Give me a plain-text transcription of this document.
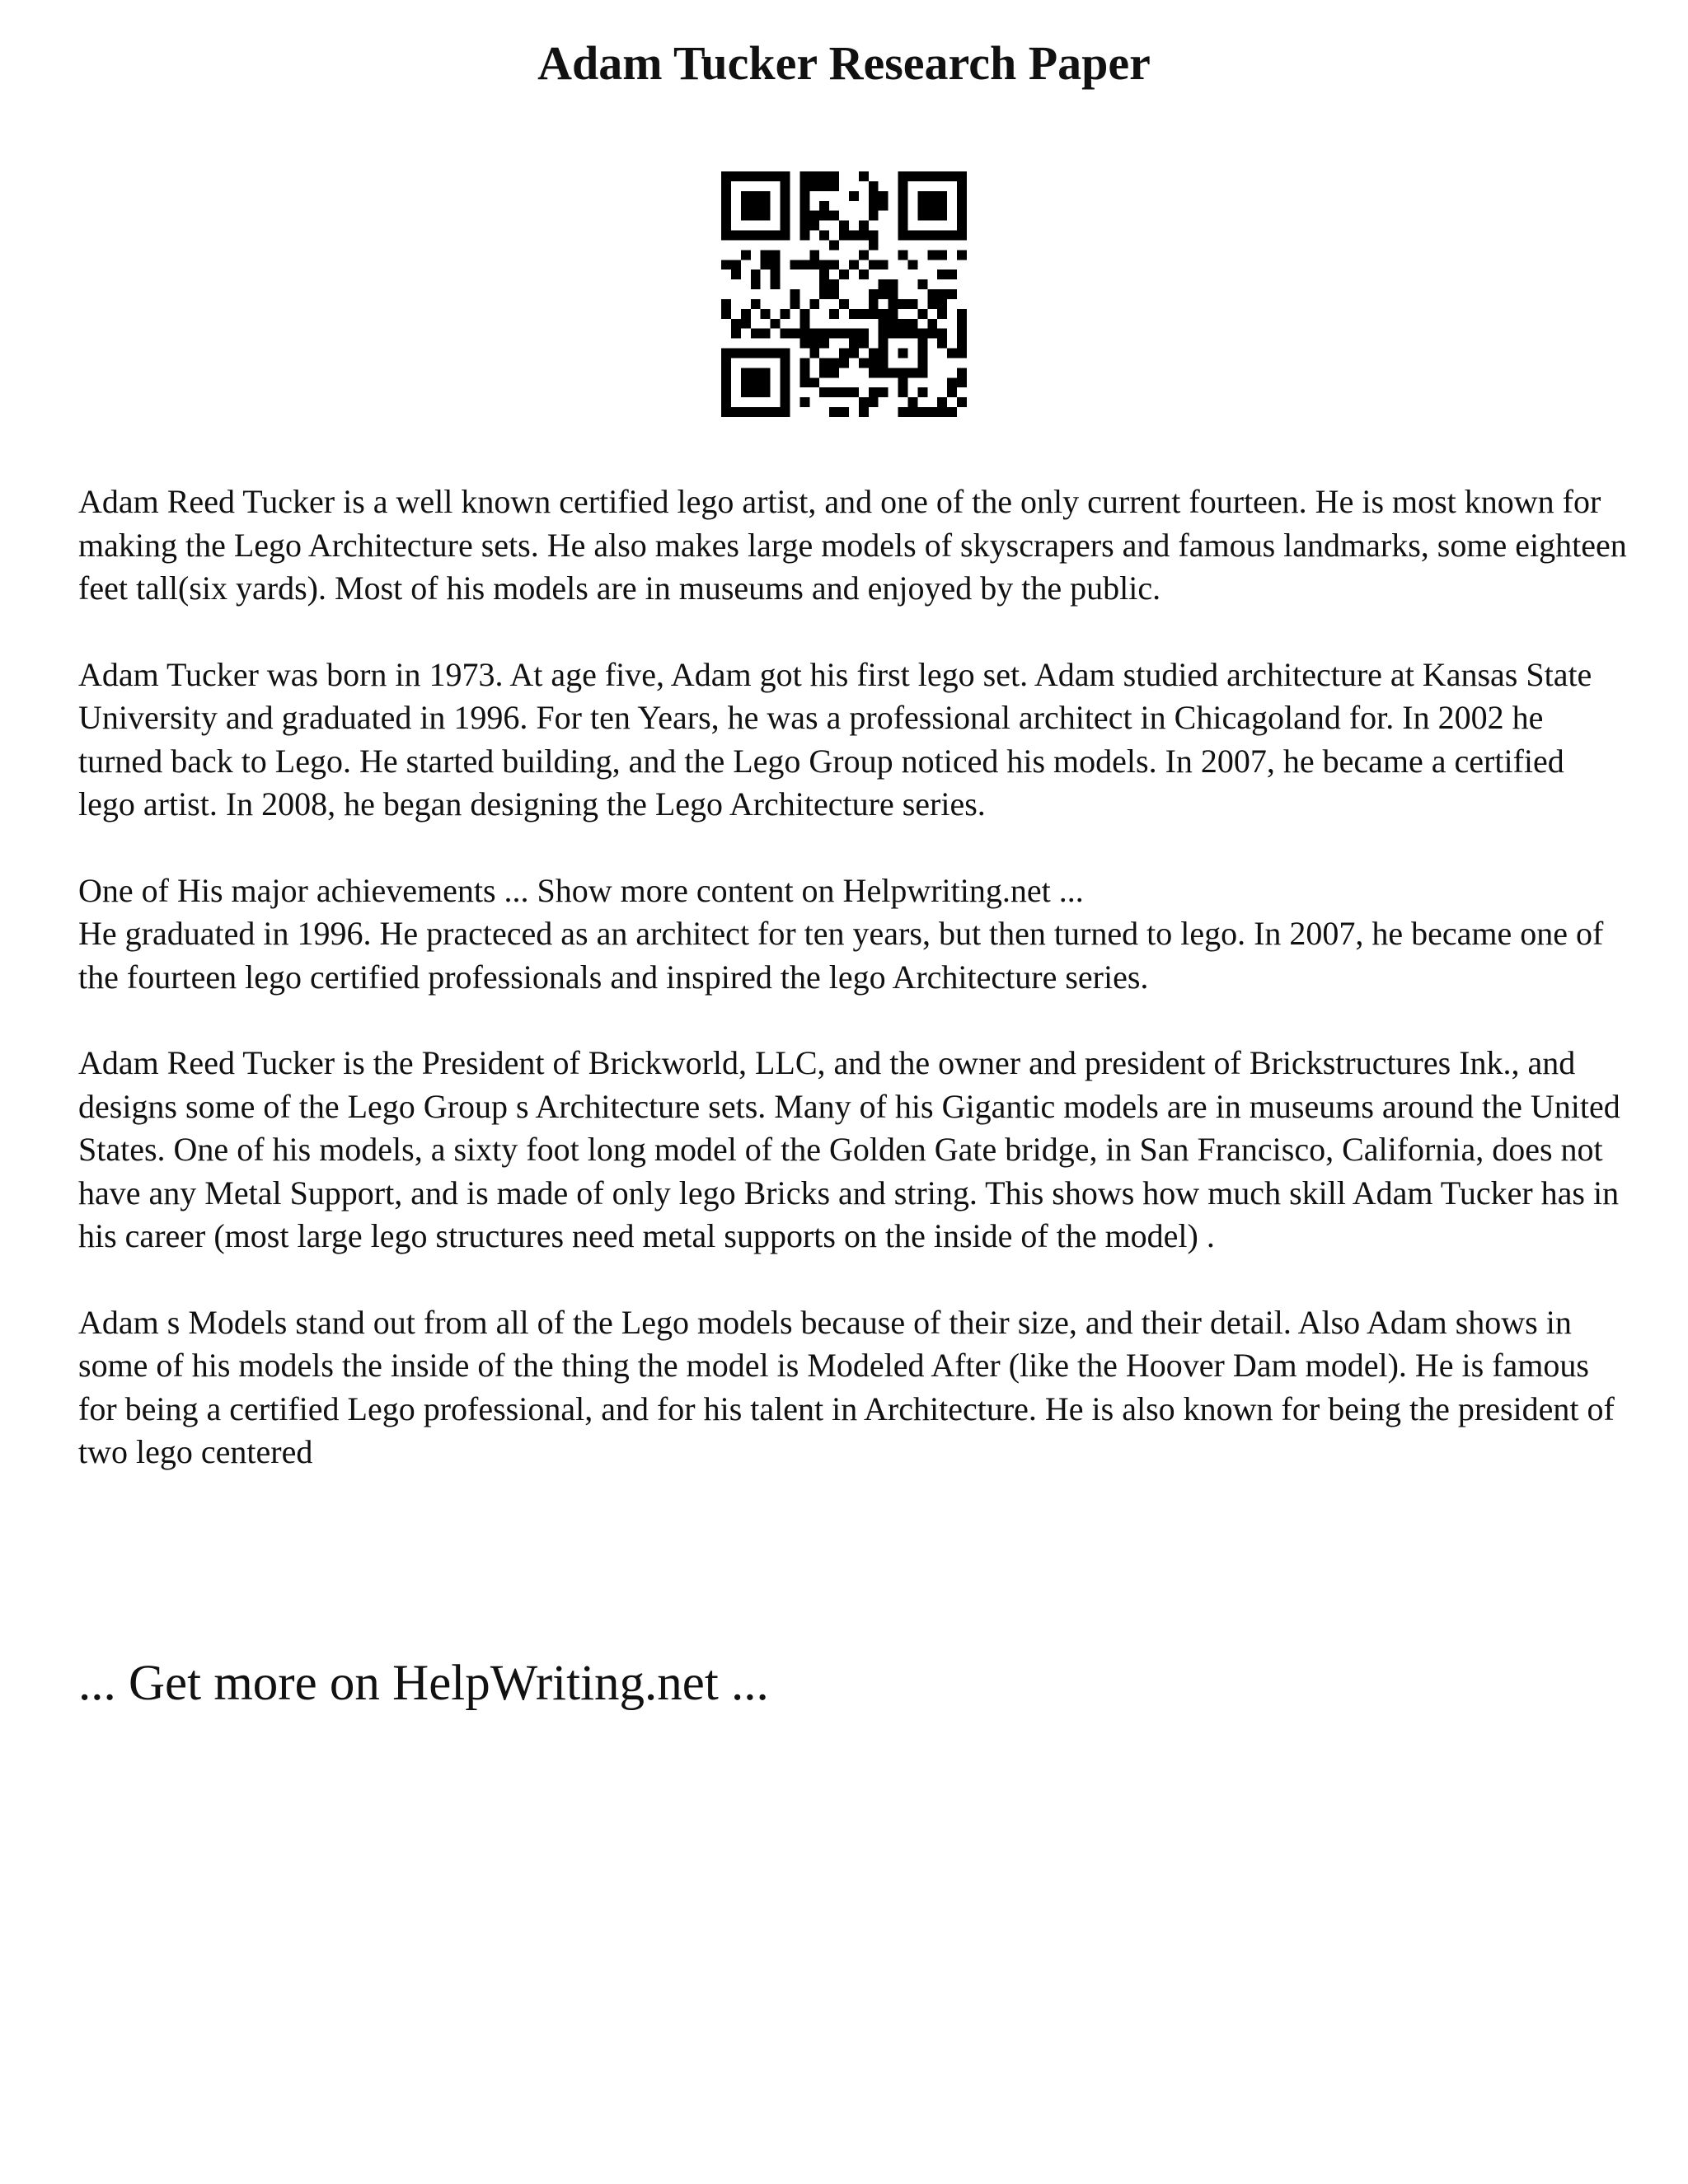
Adam Tucker Research Paper

Adam Reed Tucker is a well known certified lego artist, and one of the only current fourteen. He is most known for making the Lego Architecture sets. He also makes large models of skyscrapers and famous landmarks, some eighteen feet tall(six yards). Most of his models are in museums and enjoyed by the public.

Adam Tucker was born in 1973. At age five, Adam got his first lego set. Adam studied architecture at Kansas State University and graduated in 1996. For ten Years, he was a professional architect in Chicagoland for. In 2002 he turned back to Lego. He started building, and the Lego Group noticed his models. In 2007, he became a certified lego artist. In 2008, he began designing the Lego Architecture series.

One of His major achievements ... Show more content on Helpwriting.net ...

He graduated in 1996. He practeced as an architect for ten years, but then turned to lego. In 2007, he became one of the fourteen lego certified professionals and inspired the lego Architecture series.

Adam Reed Tucker is the President of Brickworld, LLC, and the owner and president of Brickstructures Ink., and designs some of the Lego Group s Architecture sets. Many of his Gigantic models are in museums around the United States. One of his models, a sixty foot long model of the Golden Gate bridge, in San Francisco, California, does not have any Metal Support, and is made of only lego Bricks and string. This shows how much skill Adam Tucker has in his career (most large lego structures need metal supports on the inside of the model) .

Adam s Models stand out from all of the Lego models because of their size, and their detail. Also Adam shows in some of his models the inside of the thing the model is Modeled After (like the Hoover Dam model). He is famous for being a certified Lego professional, and for his talent in Architecture. He is also known for being the president of two lego centered

... Get more on HelpWriting.net ...
